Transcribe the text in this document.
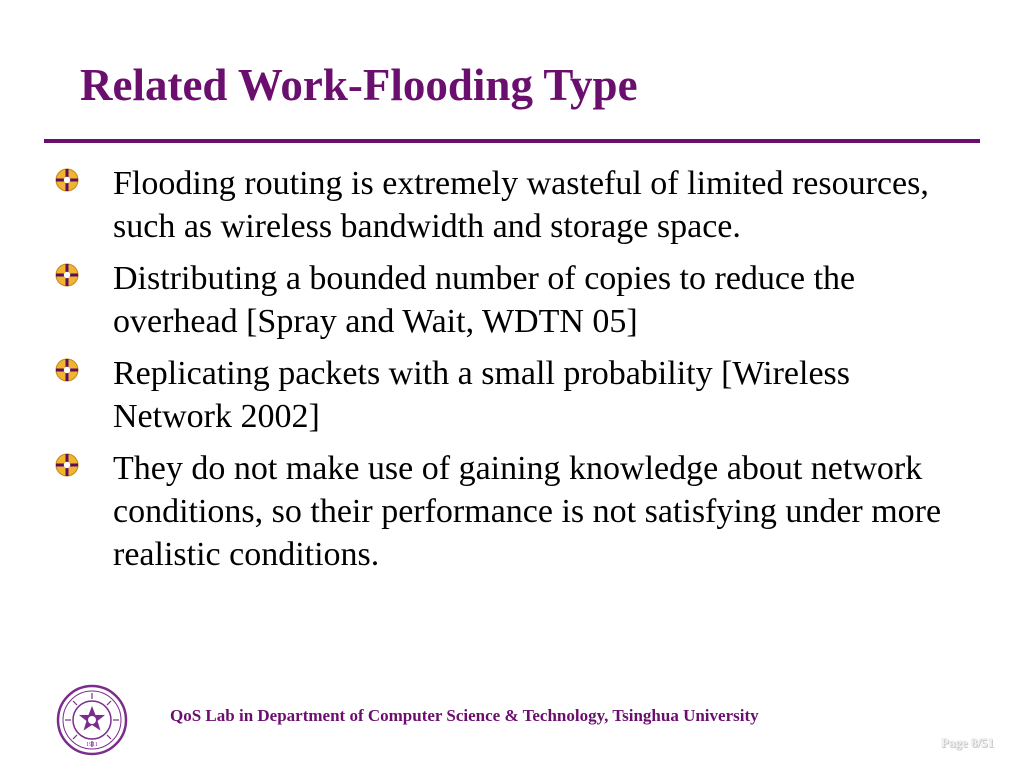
Related Work-Flooding Type
Flooding routing is extremely wasteful of limited resources, such as wireless bandwidth and storage space.
Distributing a bounded number of copies to reduce the overhead [Spray and Wait, WDTN 05]
Replicating packets with a small probability [Wireless Network 2002]
They do not make use of gaining knowledge about network conditions, so their performance is not satisfying under more realistic conditions.
1911

QoS Lab in Department of Computer Science & Technology, Tsinghua University

Page 8/51
